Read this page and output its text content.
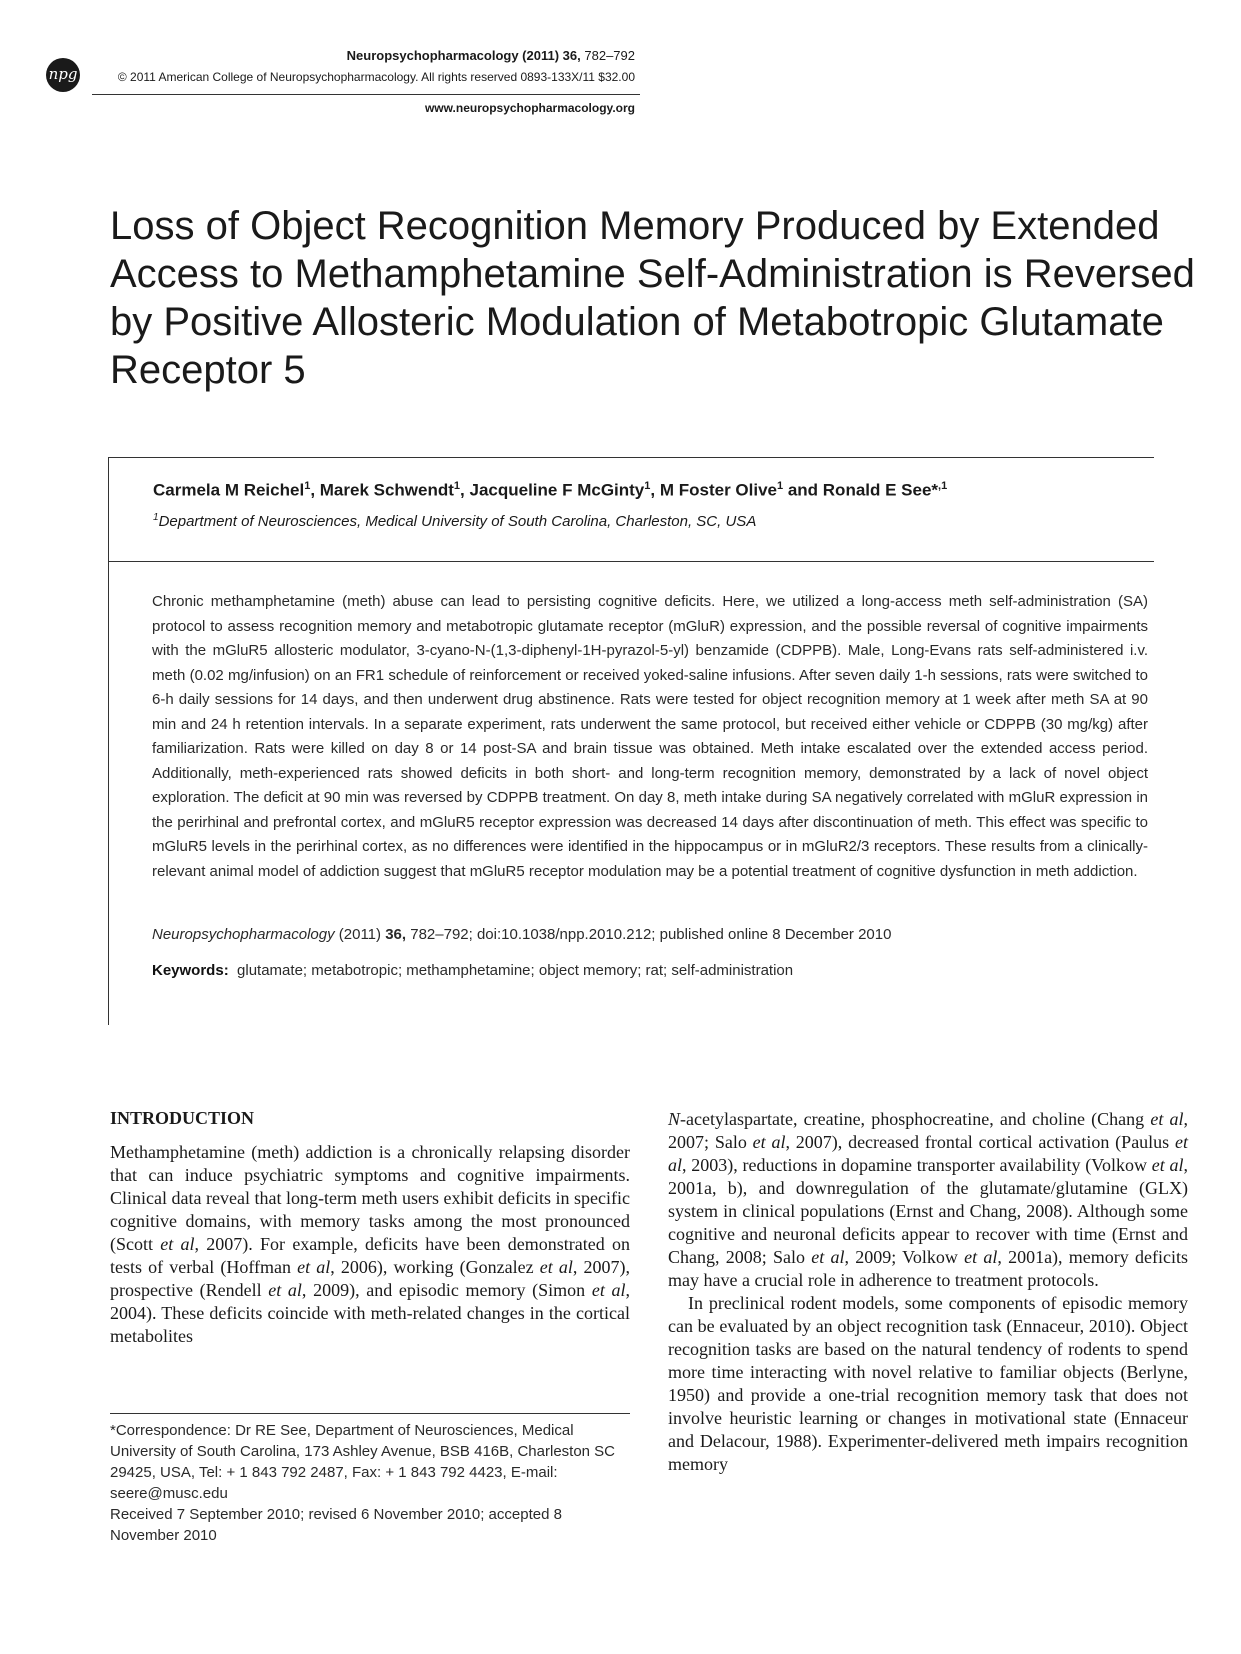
npg
Neuropsychopharmacology (2011) 36, 782–792
© 2011 American College of Neuropsychopharmacology. All rights reserved 0893-133X/11 $32.00
www.neuropsychopharmacology.org
Loss of Object Recognition Memory Produced by Extended Access to Methamphetamine Self-Administration is Reversed by Positive Allosteric Modulation of Metabotropic Glutamate Receptor 5
Carmela M Reichel$^1$, Marek Schwendt$^1$, Jacqueline F McGinty$^1$, M Foster Olive$^1$ and Ronald E See*$^{,1}$
$^1$Department of Neurosciences, Medical University of South Carolina, Charleston, SC, USA

Chronic methamphetamine (meth) abuse can lead to persisting cognitive deficits. Here, we utilized a long-access meth self-administration (SA) protocol to assess recognition memory and metabotropic glutamate receptor (mGluR) expression, and the possible reversal of cognitive impairments with the mGluR5 allosteric modulator, 3-cyano-N-(1,3-diphenyl-1H-pyrazol-5-yl) benzamide (CDPPB). Male, Long-Evans rats self-administered i.v. meth (0.02 mg/infusion) on an FR1 schedule of reinforcement or received yoked-saline infusions. After seven daily 1-h sessions, rats were switched to 6-h daily sessions for 14 days, and then underwent drug abstinence. Rats were tested for object recognition memory at 1 week after meth SA at 90 min and 24 h retention intervals. In a separate experiment, rats underwent the same protocol, but received either vehicle or CDPPB (30 mg/kg) after familiarization. Rats were killed on day 8 or 14 post-SA and brain tissue was obtained. Meth intake escalated over the extended access period. Additionally, meth-experienced rats showed deficits in both short- and long-term recognition memory, demonstrated by a lack of novel object exploration. The deficit at 90 min was reversed by CDPPB treatment. On day 8, meth intake during SA negatively correlated with mGluR expression in the perirhinal and prefrontal cortex, and mGluR5 receptor expression was decreased 14 days after discontinuation of meth. This effect was specific to mGluR5 levels in the perirhinal cortex, as no differences were identified in the hippocampus or in mGluR2/3 receptors. These results from a clinically-relevant animal model of addiction suggest that mGluR5 receptor modulation may be a potential treatment of cognitive dysfunction in meth addiction.

Neuropsychopharmacology (2011) 36, 782–792; doi:10.1038/npp.2010.212; published online 8 December 2010
Keywords: glutamate; metabotropic; methamphetamine; object memory; rat; self-administration
INTRODUCTION

Methamphetamine (meth) addiction is a chronically relapsing disorder that can induce psychiatric symptoms and cognitive impairments. Clinical data reveal that long-term meth users exhibit deficits in specific cognitive domains, with memory tasks among the most pronounced (Scott et al, 2007). For example, deficits have been demonstrated on tests of verbal (Hoffman et al, 2006), working (Gonzalez et al, 2007), prospective (Rendell et al, 2009), and episodic memory (Simon et al, 2004). These deficits coincide with meth-related changes in the cortical metabolites

*Correspondence: Dr RE See, Department of Neurosciences, Medical University of South Carolina, 173 Ashley Avenue, BSB 416B, Charleston SC 29425, USA, Tel: + 1 843 792 2487, Fax: + 1 843 792 4423, E-mail: seere@musc.edu

Received 7 September 2010; revised 6 November 2010; accepted 8 November 2010

N-acetylaspartate, creatine, phosphocreatine, and choline (Chang et al, 2007; Salo et al, 2007), decreased frontal cortical activation (Paulus et al, 2003), reductions in dopamine transporter availability (Volkow et al, 2001a, b), and downregulation of the glutamate/glutamine (GLX) system in clinical populations (Ernst and Chang, 2008). Although some cognitive and neuronal deficits appear to recover with time (Ernst and Chang, 2008; Salo et al, 2009; Volkow et al, 2001a), memory deficits may have a crucial role in adherence to treatment protocols.

In preclinical rodent models, some components of episodic memory can be evaluated by an object recognition task (Ennaceur, 2010). Object recognition tasks are based on the natural tendency of rodents to spend more time interacting with novel relative to familiar objects (Berlyne, 1950) and provide a one-trial recognition memory task that does not involve heuristic learning or changes in motivational state (Ennaceur and Delacour, 1988). Experimenter-delivered meth impairs recognition memory
